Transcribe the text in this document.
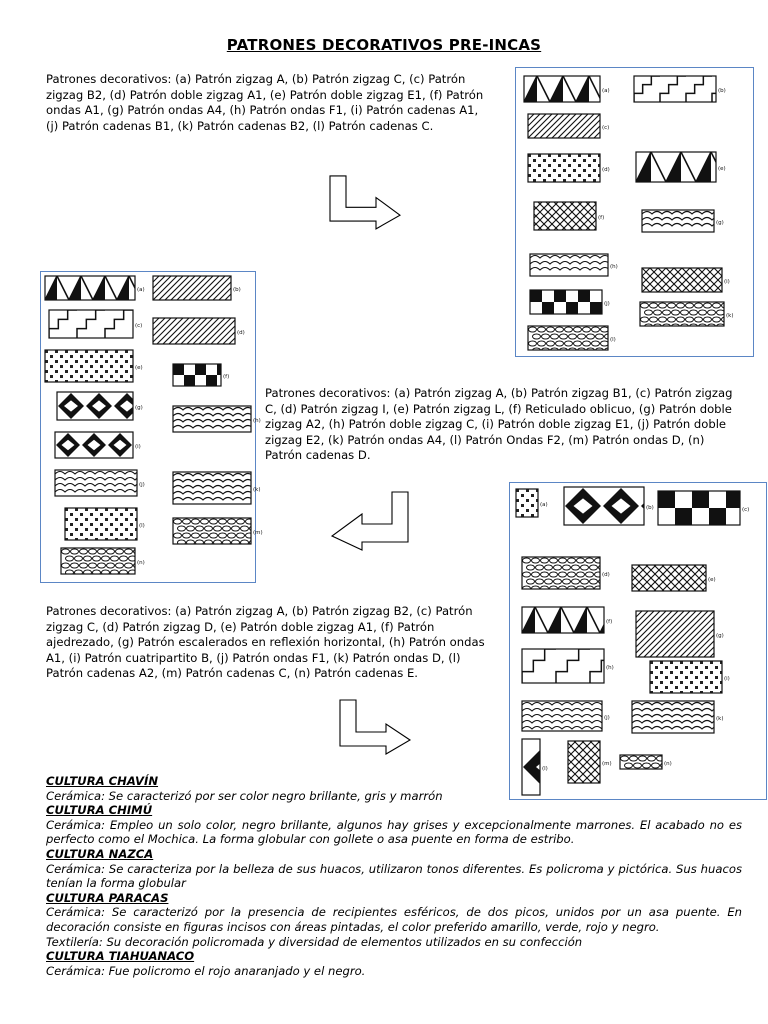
PATRONES DECORATIVOS PRE-INCAS
Patrones decorativos: (a) Patrón zigzag A, (b) Patrón zigzag C, (c) Patrón zigzag B2, (d) Patrón doble zigzag A1, (e) Patrón doble zigzag E1, (f) Patrón ondas A1, (g) Patrón ondas A4, (h) Patrón ondas F1, (i) Patrón cadenas A1, (j) Patrón cadenas B1, (k) Patrón cadenas B2, (l) Patrón cadenas C.
Patrones decorativos: (a) Patrón zigzag A, (b) Patrón zigzag B1, (c) Patrón zigzag C, (d) Patrón zigzag I, (e) Patrón zigzag L, (f) Reticulado oblicuo, (g) Patrón doble zigzag A2, (h) Patrón doble zigzag C, (i) Patrón doble zigzag E1, (j) Patrón doble zigzag E2, (k) Patrón ondas A4, (l) Patrón Ondas F2, (m) Patrón ondas D, (n) Patrón cadenas D.
Patrones decorativos: (a) Patrón zigzag A, (b) Patrón zigzag B2, (c) Patrón zigzag C, (d) Patrón zigzag D, (e) Patrón doble zigzag A1, (f) Patrón ajedrezado, (g) Patrón escalerados en reflexión horizontal, (h) Patrón ondas A1, (i) Patrón cuatripartito B, (j) Patrón ondas F1, (k) Patrón ondas D, (l) Patrón cadenas A2, (m) Patrón cadenas C, (n) Patrón cadenas E.
(a)	(b)
(c)
(d)	(e)
(f)
(g)
(h)
(i)
(j)
(k)
(l)
(a)	(b)
(c)
(d)
(e)
(f)
(g)
(h)
(i)
(j)
(k)
(l)
(m)
(n)
(a)	(b)	(c)
(d)
(e)
(f)
(g)
(h)
(i)
(j)	(k)
(l)
(m)	(n)
CULTURA CHAVÍN
Cerámica: Se caracterizó por ser color negro brillante, gris y marrón
CULTURA CHIMÚ
Cerámica: Empleo un solo color, negro brillante, algunos hay grises y excepcionalmente marrones. El acabado no es perfecto como el Mochica. La forma globular con gollete o asa puente en forma de estribo.
CULTURA NAZCA
Cerámica: Se caracteriza por la belleza de sus huacos, utilizaron tonos diferentes. Es policroma y pictórica. Sus huacos tenían la forma globular
CULTURA PARACAS
Cerámica: Se caracterizó por la presencia de recipientes esféricos, de dos picos, unidos por un asa puente. En decoración consiste en figuras incisos con áreas pintadas, el color preferido amarillo, verde, rojo y negro.
Textilería: Su decoración policromada y diversidad de elementos utilizados en su confección
CULTURA TIAHUANACO
Cerámica: Fue policromo el rojo anaranjado y el negro.
